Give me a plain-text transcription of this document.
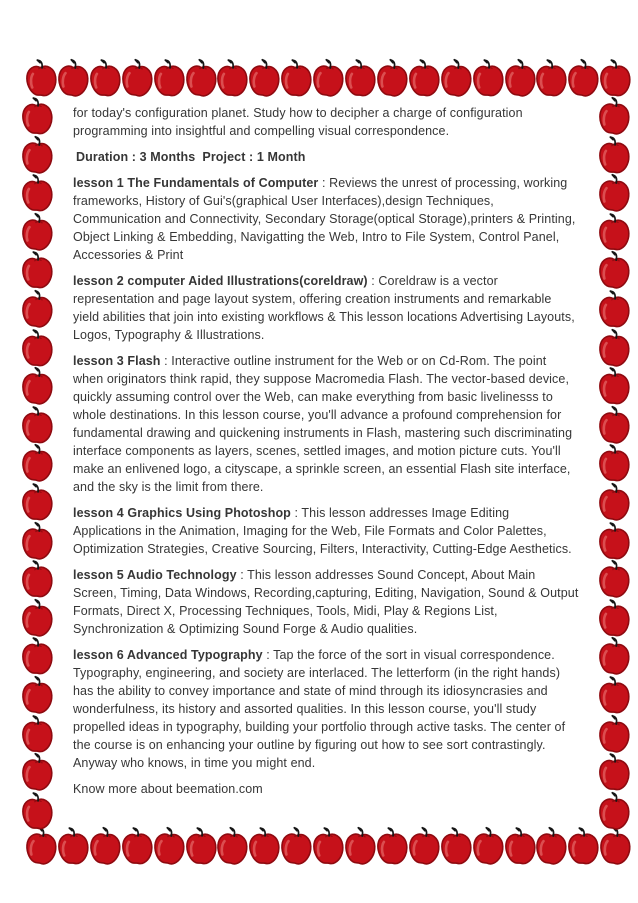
for today's configuration planet. Study how to decipher a charge of configuration programming into insightful and compelling visual correspondence.

Duration : 3 Months  Project : 1 Month

lesson 1 The Fundamentals of Computer : Reviews the unrest of processing, working frameworks, History of Gui's(graphical User Interfaces),design Techniques, Communication and Connectivity, Secondary Storage(optical Storage),printers & Printing, Object Linking & Embedding, Navigatting the Web, Intro to File System, Control Panel, Accessories & Print

lesson 2 computer Aided Illustrations(coreldraw) : Coreldraw is a vector representation and page layout system, offering creation instruments and remarkable yield abilities that join into existing workflows & This lesson locations Advertising Layouts, Logos, Typography & Illustrations.

lesson 3 Flash : Interactive outline instrument for the Web or on Cd-Rom. The point when originators think rapid, they suppose Macromedia Flash. The vector-based device, quickly assuming control over the Web, can make everything from basic livelinesss to whole destinations. In this lesson course, you'll advance a profound comprehension for fundamental drawing and quickening instruments in Flash, mastering such discriminating interface components as layers, scenes, settled images, and motion picture cuts. You'll make an enlivened logo, a cityscape, a sprinkle screen, an essential Flash site interface, and the sky is the limit from there.

lesson 4 Graphics Using Photoshop : This lesson addresses Image Editing Applications in the Animation, Imaging for the Web, File Formats and Color Palettes, Optimization Strategies, Creative Sourcing, Filters, Interactivity, Cutting-Edge Aesthetics.

lesson 5 Audio Technology : This lesson addresses Sound Concept, About Main Screen, Timing, Data Windows, Recording,capturing, Editing, Navigation, Sound & Output Formats, Direct X, Processing Techniques, Tools, Midi, Play & Regions List, Synchronization & Optimizing Sound Forge & Audio qualities.

lesson 6 Advanced Typography : Tap the force of the sort in visual correspondence. Typography, engineering, and society are interlaced. The letterform (in the right hands) has the ability to convey importance and state of mind through its idiosyncrasies and wonderfulness, its history and assorted qualities. In this lesson course, you'll study propelled ideas in typography, building your portfolio through active tasks. The center of the course is on enhancing your outline by figuring out how to see sort contrastingly. Anyway who knows, in time you might end.

Know more about beemation.com
